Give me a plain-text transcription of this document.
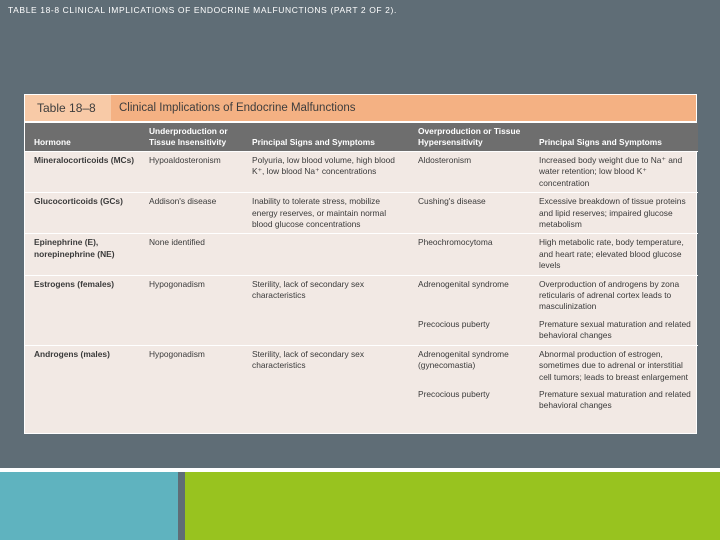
TABLE 18-8 CLINICAL IMPLICATIONS OF ENDOCRINE MALFUNCTIONS (PART 2 OF 2).
Table 18–8	Clinical Implications of Endocrine Malfunctions
Hormone	Underproduction or Tissue Insensitivity	Principal Signs and Symptoms	Overproduction or Tissue Hypersensitivity	Principal Signs and Symptoms
Mineralocorticoids (MCs)	Hypoaldosteronism	Polyuria, low blood volume, high blood K⁺, low blood Na⁺ concentrations	Aldosteronism	Increased body weight due to Na⁺ and water retention; low blood K⁺ concentration
Glucocorticoids (GCs)	Addison's disease	Inability to tolerate stress, mobilize energy reserves, or maintain normal blood glucose concentrations	Cushing's disease	Excessive breakdown of tissue proteins and lipid reserves; impaired glucose metabolism
Epinephrine (E), norepinephrine (NE)	None identified		Pheochromocytoma	High metabolic rate, body temperature, and heart rate; elevated blood glucose levels
Estrogens (females)	Hypogonadism	Sterility, lack of secondary sex characteristics	Adrenogenital syndrome	Overproduction of androgens by zona reticularis of adrenal cortex leads to masculinization
			Precocious puberty	Premature sexual maturation and related behavioral changes
Androgens (males)	Hypogonadism	Sterility, lack of secondary sex characteristics	Adrenogenital syndrome (gynecomastia)	Abnormal production of estrogen, sometimes due to adrenal or interstitial cell tumors; leads to breast enlargement
			Precocious puberty	Premature sexual maturation and related behavioral changes
